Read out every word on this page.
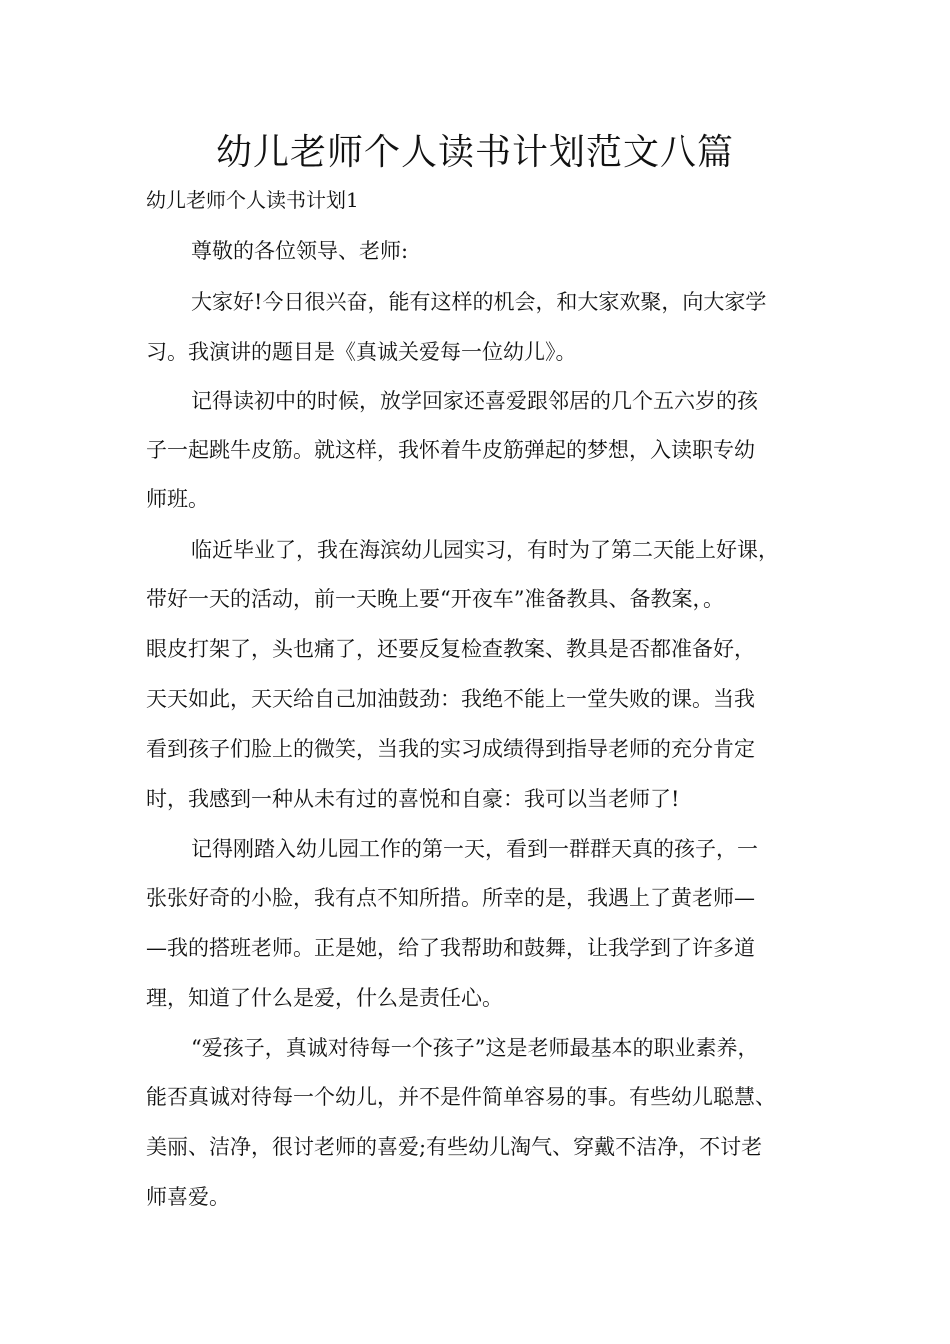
幼儿老师个人读书计划范文八篇

幼儿老师个人读书计划1

尊敬的各位领导、老师:

大家好!今日很兴奋，能有这样的机会，和大家欢聚，向大家学

习。我演讲的题目是《真诚关爱每一位幼儿》。

记得读初中的时候，放学回家还喜爱跟邻居的几个五六岁的孩

子一起跳牛皮筋。就这样，我怀着牛皮筋弹起的梦想，入读职专幼

师班。

临近毕业了，我在海滨幼儿园实习，有时为了第二天能上好课，

带好一天的活动，前一天晚上要“开夜车”准备教具、备教案，。

眼皮打架了，头也痛了，还要反复检查教案、教具是否都准备好，

天天如此，天天给自己加油鼓劲：我绝不能上一堂失败的课。当我

看到孩子们脸上的微笑，当我的实习成绩得到指导老师的充分肯定

时，我感到一种从未有过的喜悦和自豪：我可以当老师了!

记得刚踏入幼儿园工作的第一天，看到一群群天真的孩子，一

张张好奇的小脸，我有点不知所措。所幸的是，我遇上了黄老师—

—我的搭班老师。正是她，给了我帮助和鼓舞，让我学到了许多道

理，知道了什么是爱，什么是责任心。

“爱孩子，真诚对待每一个孩子”这是老师最基本的职业素养，

能否真诚对待每一个幼儿，并不是件简单容易的事。有些幼儿聪慧、

美丽、洁净，很讨老师的喜爱;有些幼儿淘气、穿戴不洁净，不讨老

师喜爱。
